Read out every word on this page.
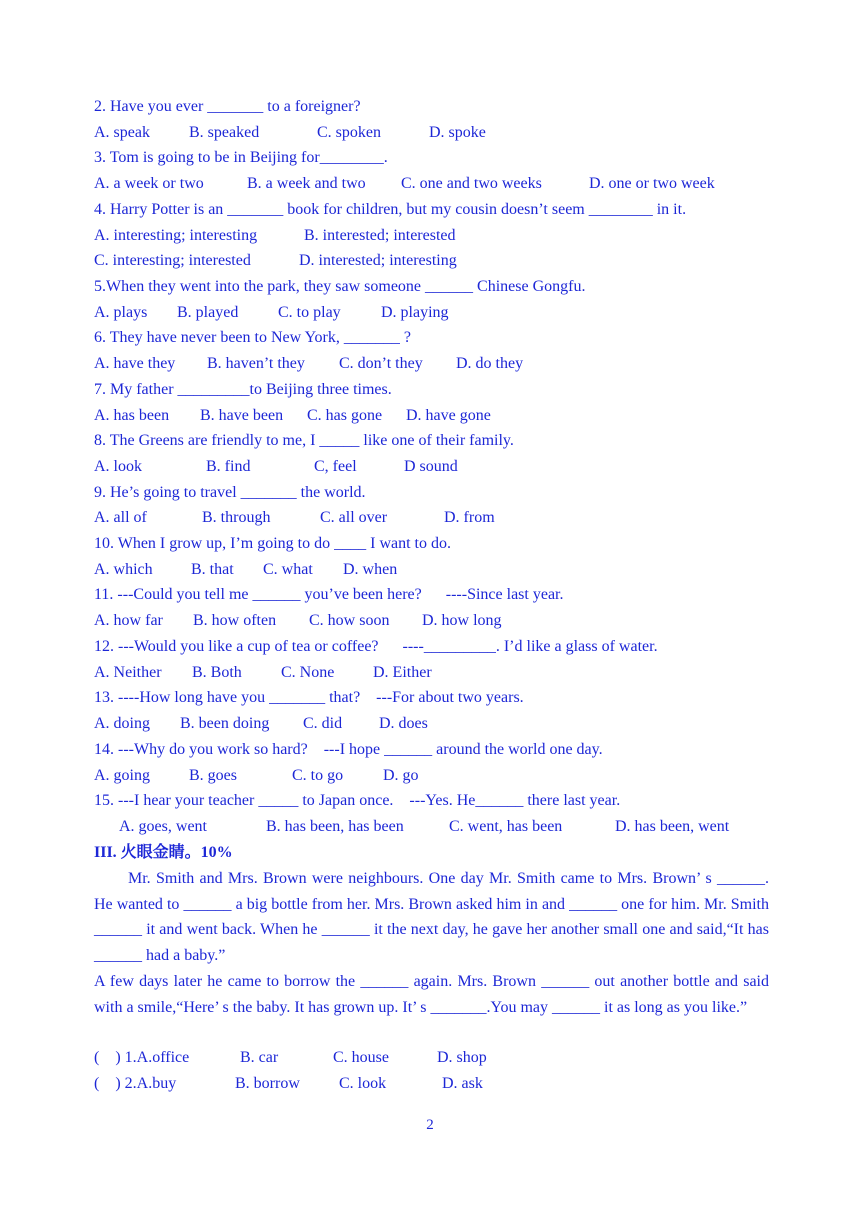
2. Have you ever _______ to a foreigner?
A. speak B. speaked	C. spoken	D. spoke
3. Tom is going to be in Beijing for________.
A. a week or two	B. a week and two C. one and two weeks	D. one or two week
4. Harry Potter is an _______ book for children, but my cousin doesn’t seem ________ in it.
A. interesting; interesting	B. interested; interested
C. interesting; interested	D. interested; interesting
5.When they went into the park, they saw someone ______ Chinese Gongfu.
A. plays B. played C. to play	D. playing
6. They have never been to New York, _______ ?
A. have they B. haven’t they C. don’t they D. do they
7. My father _________to Beijing three times.
A. has been B. have been C. has gone D. have gone
8. The Greens are friendly to me, I _____ like one of their family.
A. look	B. find	C, feel	D sound
9. He’s going to travel _______ the world.
A. all of	B. through	C. all over	D. from
10. When I grow up, I’m going to do ____ I want to do.
A. which B. that C. what D. when
11. ---Could you tell me ______ you’ve been here?      ----Since last year.
A. how far B. how often C. how soon D. how long
12. ---Would you like a cup of tea or coffee?      ----_________. I’d like a glass of water.
A. Neither B. Both C. None D. Either
13. ----How long have you _______ that?    ---For about two years.
A. doing B. been doing C. did D. does
14. ---Why do you work so hard?    ---I hope ______ around the world one day.
A. going B. goes	C. to go D. go
15. ---I hear your teacher _____ to Japan once.    ---Yes. He______ there last year.
A. goes, went	B. has been, has been	C. went, has been	D. has been, went
III. 火眼金睛。10%
Mr. Smith and Mrs. Brown were neighbours. One day Mr. Smith came to Mrs. Brown’ s ______. He wanted to ______ a big bottle from her. Mrs. Brown asked him in and ______ one for him. Mr. Smith ______ it and went back. When he ______ it the next day, he gave her another small one and said,“It has ______ had a baby.”
A few days later he came to borrow the ______ again. Mrs. Brown ______ out another bottle and said with a smile,“Here’ s the baby. It has grown up. It’ s _______.You may ______ it as long as you like.”
(    ) 1.A.office	B. car	C. house	D. shop
(    ) 2.A.buy	B. borrow C. look	D. ask
2
